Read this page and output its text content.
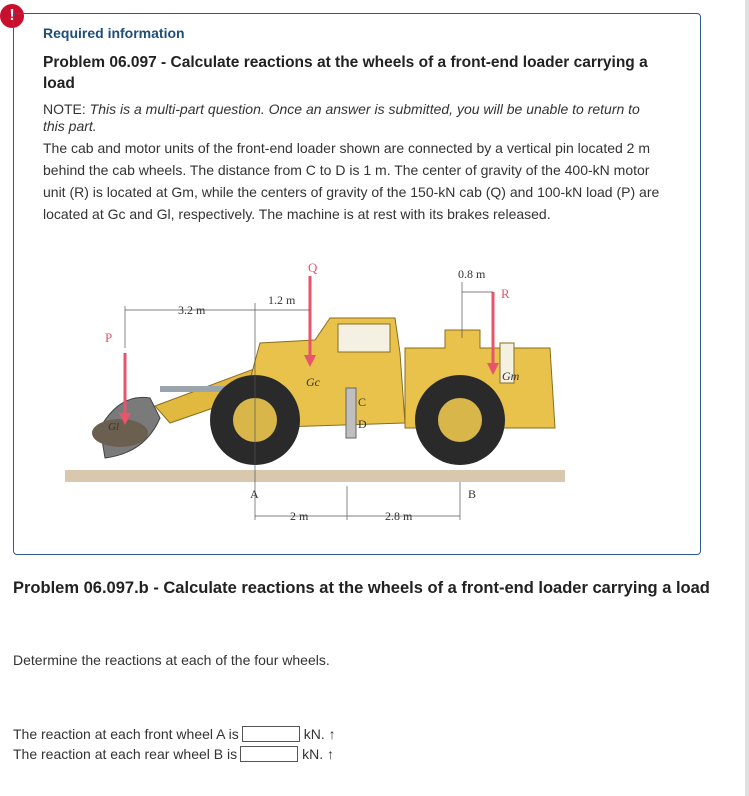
!
Required information
Problem 06.097 - Calculate reactions at the wheels of a front-end loader carrying a load
NOTE: This is a multi-part question. Once an answer is submitted, you will be unable to return to this part.
The cab and motor units of the front-end loader shown are connected by a vertical pin located 2 m behind the cab wheels. The distance from C to D is 1 m. The center of gravity of the 400-kN motor unit (R) is located at Gm, while the centers of gravity of the 150-kN cab (Q) and 100-kN load (P) are located at Gc and Gl, respectively. The machine is at rest with its brakes released.
P
Q
R
3.2 m
1.2 m
0.8 m
2 m	2.8 m
A	B
C
D
Gc	Gm
Gl
Problem 06.097.b - Calculate reactions at the wheels of a front-end loader carrying a load
Determine the reactions at each of the four wheels.
The reaction at each front wheel A is	kN. ↑
The reaction at each rear wheel B is	kN. ↑
